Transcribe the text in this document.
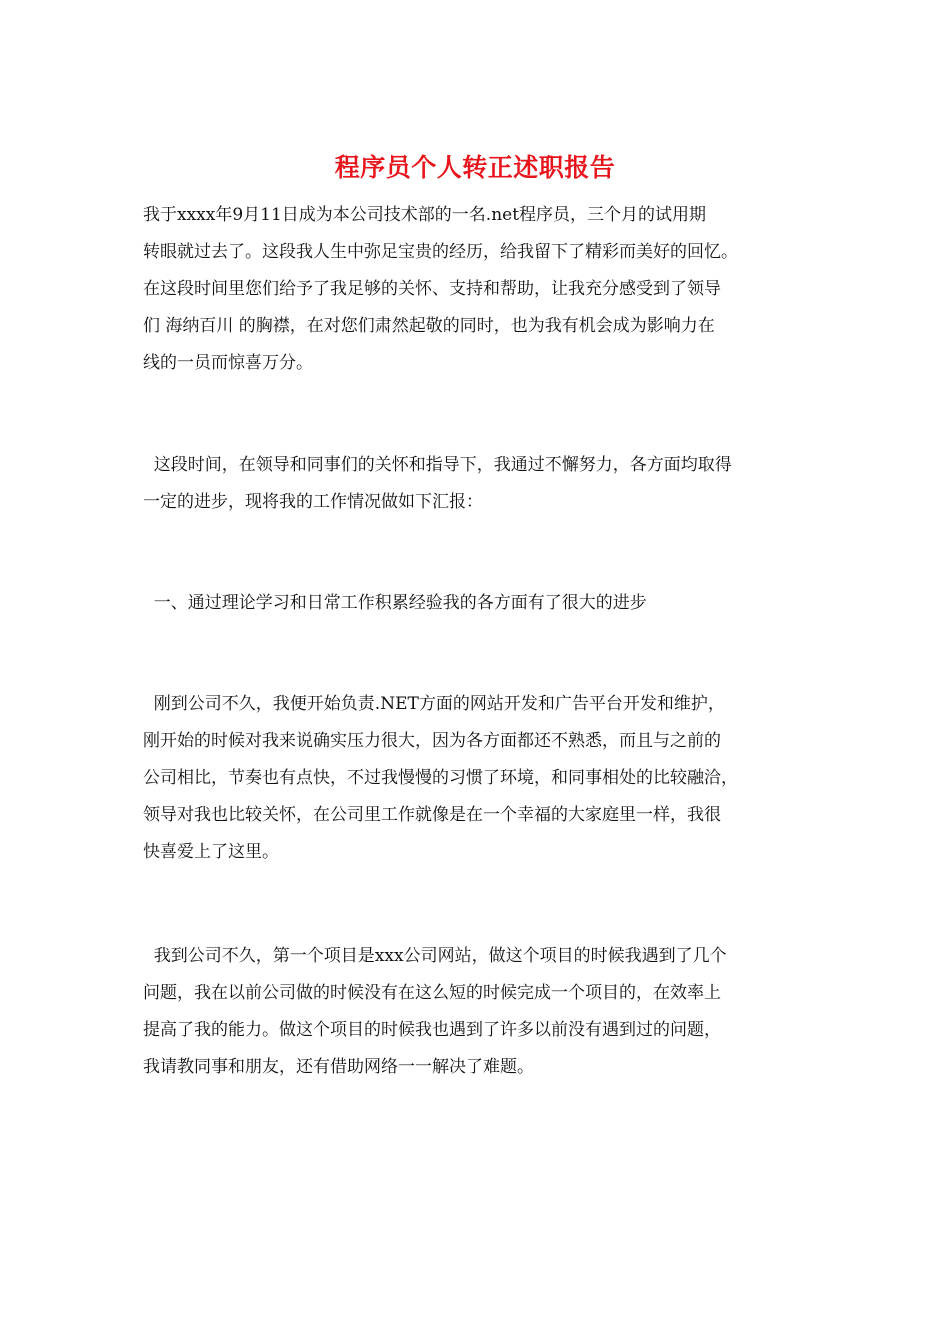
程序员个人转正述职报告
我于xxxx年9月11日成为本公司技术部的一名.net程序员，三个月的试用期
转眼就过去了。这段我人生中弥足宝贵的经历，给我留下了精彩而美好的回忆。
在这段时间里您们给予了我足够的关怀、支持和帮助，让我充分感受到了领导
们 海纳百川 的胸襟，在对您们肃然起敬的同时，也为我有机会成为影响力在
线的一员而惊喜万分。
这段时间，在领导和同事们的关怀和指导下，我通过不懈努力，各方面均取得
一定的进步，现将我的工作情况做如下汇报：
一、通过理论学习和日常工作积累经验我的各方面有了很大的进步
刚到公司不久，我便开始负责.NET方面的网站开发和广告平台开发和维护，
刚开始的时候对我来说确实压力很大，因为各方面都还不熟悉，而且与之前的
公司相比，节奏也有点快，不过我慢慢的习惯了环境，和同事相处的比较融洽，
领导对我也比较关怀，在公司里工作就像是在一个幸福的大家庭里一样，我很
快喜爱上了这里。
我到公司不久，第一个项目是xxx公司网站，做这个项目的时候我遇到了几个
问题，我在以前公司做的时候没有在这么短的时候完成一个项目的，在效率上
提高了我的能力。做这个项目的时候我也遇到了许多以前没有遇到过的问题，
我请教同事和朋友，还有借助网络一一解决了难题。
